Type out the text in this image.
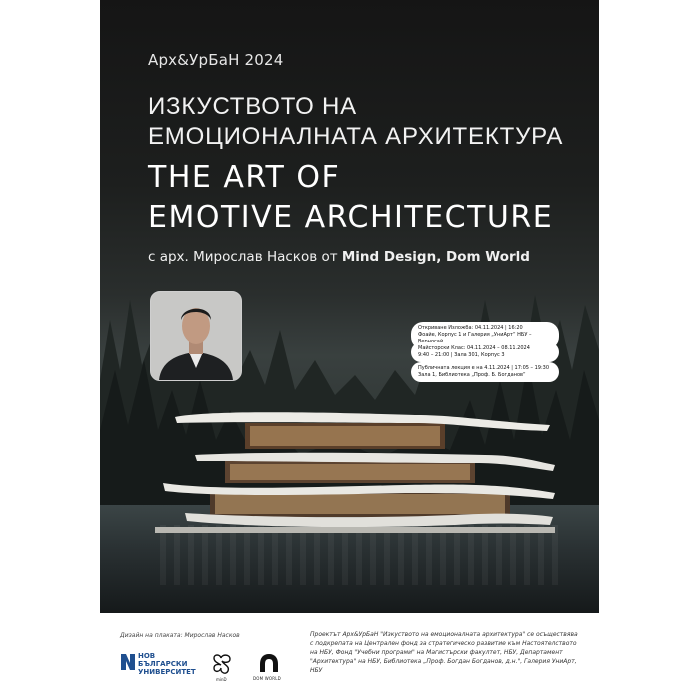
Арх&УрБаН 2024
ИЗКУСТВОТО НА
ЕМОЦИОНАЛНАТА АРХИТЕКТУРА
THE ART OF
EMOTIVE ARCHITECTURE
с арх. Мирослав Насков от Mind Design, Dom World
Откриване Изложба: 04.11.2024 | 16:20
Фоайе, Корпус 1 и Галерия „УниАрт“ НБУ –
Майсторски Клас: 04.11.2024 – 08.11.2024
9:40 – 21:00 | Зала 301, Корпус 3
Публичната лекция е на 4.11.2024 | 17:05 – 19:30
Зала 1, Библиотека „Проф. Б. Богданов“
Дизайн на плаката: Мирослав Насков
НОВ
БЪЛГАРСКИ
УНИВЕРСИТЕТ
minD	DOM WORLD
Проектът Арх&УрБаН "Изкуството на емоционалната архитектура" се осъществява с подкрепата на Централен фонд за стратегическо развитие към Настоятелството на НБУ, Фонд "Учебни програми" на Магистърски факултет, НБУ, Департамент "Архитектура" на НБУ, Библиотека „Проф. Богдан Богданов, д.н.", Галерия УниАрт, НБУ
